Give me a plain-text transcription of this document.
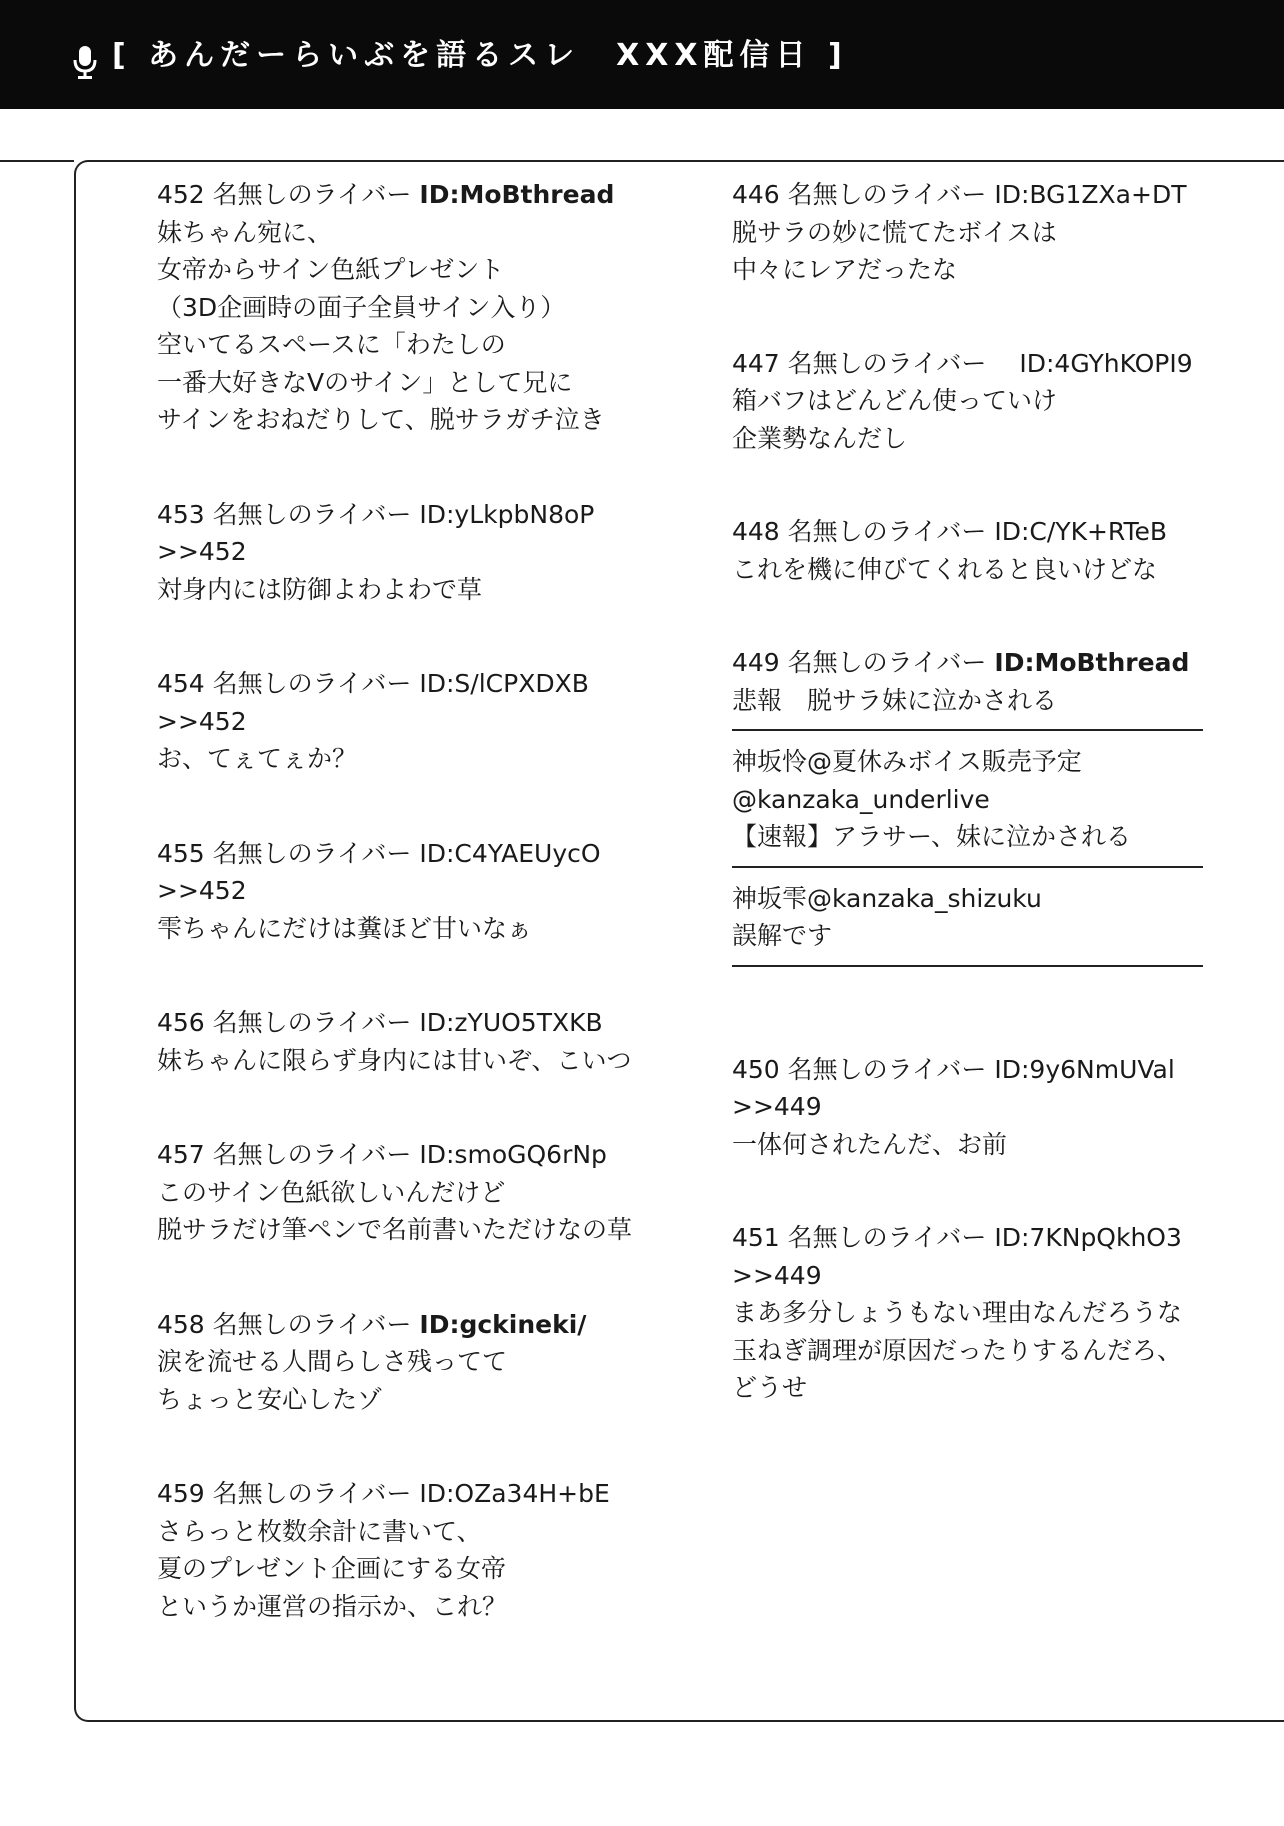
[ あんだーらいぶを語るスレ　XXX配信日 ]
452 名無しのライバー ID:MoBthread
妹ちゃん宛に、
女帝からサイン色紙プレゼント
（3D企画時の面子全員サイン入り）
空いてるスペースに「わたしの
一番大好きなVのサイン」として兄に
サインをおねだりして、脱サラガチ泣き
453 名無しのライバー ID:yLkpbN8oP
>>452
対身内には防御よわよわで草
454 名無しのライバー ID:S/lCPXDXB
>>452
お、てぇてぇか？
455 名無しのライバー ID:C4YAEUycO
>>452
雫ちゃんにだけは糞ほど甘いなぁ
456 名無しのライバー ID:zYUO5TXKB
妹ちゃんに限らず身内には甘いぞ、こいつ
457 名無しのライバー ID:smoGQ6rNp
このサイン色紙欲しいんだけど
脱サラだけ筆ペンで名前書いただけなの草
458 名無しのライバー ID:gckineki/
涙を流せる人間らしさ残ってて
ちょっと安心したゾ
459 名無しのライバー ID:OZa34H+bE
さらっと枚数余計に書いて、
夏のプレゼント企画にする女帝
というか運営の指示か、これ？
446 名無しのライバー ID:BG1ZXa+DT
脱サラの妙に慌てたボイスは
中々にレアだったな
447 名無しのライバー　 ID:4GYhKOPI9
箱バフはどんどん使っていけ
企業勢なんだし
448 名無しのライバー ID:C/YK+RTeB
これを機に伸びてくれると良いけどな
449 名無しのライバー ID:MoBthread
悲報　脱サラ妹に泣かされる
神坂怜@夏休みボイス販売予定
@kanzaka_underlive
【速報】アラサー、妹に泣かされる
神坂雫@kanzaka_shizuku
誤解です
450 名無しのライバー ID:9y6NmUVal
>>449
一体何されたんだ、お前
451 名無しのライバー ID:7KNpQkhO3
>>449
まあ多分しょうもない理由なんだろうな
玉ねぎ調理が原因だったりするんだろ、
どうせ
